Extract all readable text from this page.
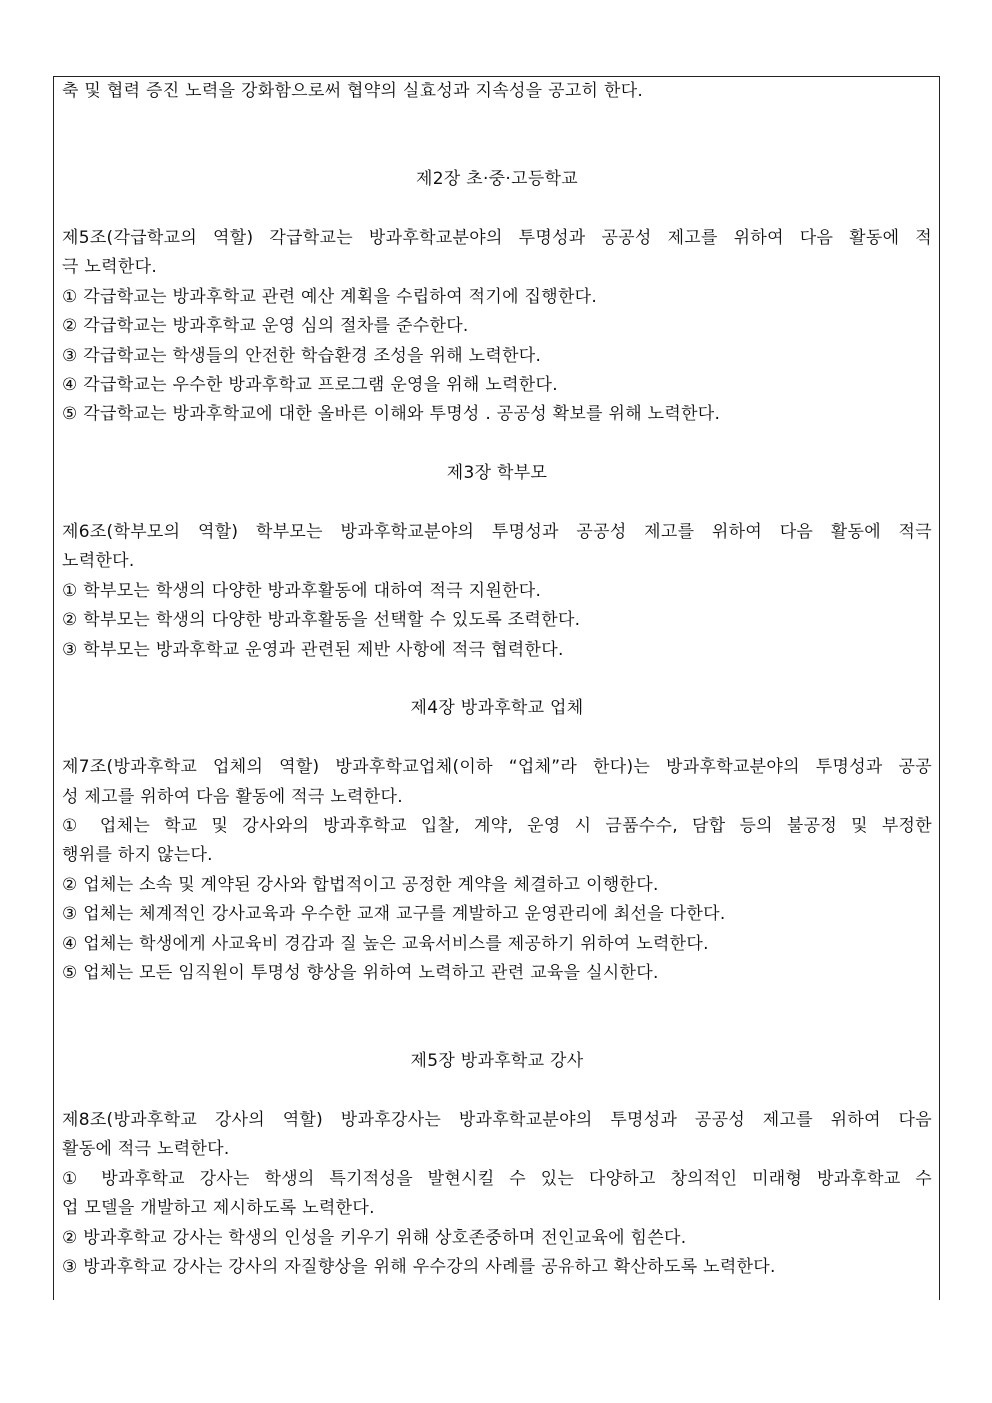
축 및 협력 증진 노력을 강화함으로써 협약의 실효성과 지속성을 공고히 한다.
제2장 초·중·고등학교
제5조(각급학교의 역할) 각급학교는 방과후학교분야의 투명성과 공공성 제고를 위하여 다음 활동에 적
극 노력한다.
① 각급학교는 방과후학교 관련 예산 계획을 수립하여 적기에 집행한다.
② 각급학교는 방과후학교 운영 심의 절차를 준수한다.
③ 각급학교는 학생들의 안전한 학습환경 조성을 위해 노력한다.
④ 각급학교는 우수한 방과후학교 프로그램 운영을 위해 노력한다.
⑤ 각급학교는 방과후학교에 대한 올바른 이해와 투명성 . 공공성 확보를 위해 노력한다.
제3장 학부모
제6조(학부모의 역할) 학부모는 방과후학교분야의 투명성과 공공성 제고를 위하여 다음 활동에 적극
노력한다.
① 학부모는 학생의 다양한 방과후활동에 대하여 적극 지원한다.
② 학부모는 학생의 다양한 방과후활동을 선택할 수 있도록 조력한다.
③ 학부모는 방과후학교 운영과 관련된 제반 사항에 적극 협력한다.
제4장 방과후학교 업체
제7조(방과후학교 업체의 역할) 방과후학교업체(이하 “업체”라 한다)는 방과후학교분야의 투명성과 공공
성 제고를 위하여 다음 활동에 적극 노력한다.
① 업체는 학교 및 강사와의 방과후학교 입찰, 계약, 운영 시 금품수수, 담합 등의 불공정 및 부정한
행위를 하지 않는다.
② 업체는 소속 및 계약된 강사와 합법적이고 공정한 계약을 체결하고 이행한다.
③ 업체는 체계적인 강사교육과 우수한 교재 교구를 계발하고 운영관리에 최선을 다한다.
④ 업체는 학생에게 사교육비 경감과 질 높은 교육서비스를 제공하기 위하여 노력한다.
⑤ 업체는 모든 임직원이 투명성 향상을 위하여 노력하고 관련 교육을 실시한다.
제5장 방과후학교 강사
제8조(방과후학교 강사의 역할) 방과후강사는 방과후학교분야의 투명성과 공공성 제고를 위하여 다음
활동에 적극 노력한다.
① 방과후학교 강사는 학생의 특기적성을 발현시킬 수 있는 다양하고 창의적인 미래형 방과후학교 수
업 모델을 개발하고 제시하도록 노력한다.
② 방과후학교 강사는 학생의 인성을 키우기 위해 상호존중하며 전인교육에 힘쓴다.
③ 방과후학교 강사는 강사의 자질향상을 위해 우수강의 사례를 공유하고 확산하도록 노력한다.
